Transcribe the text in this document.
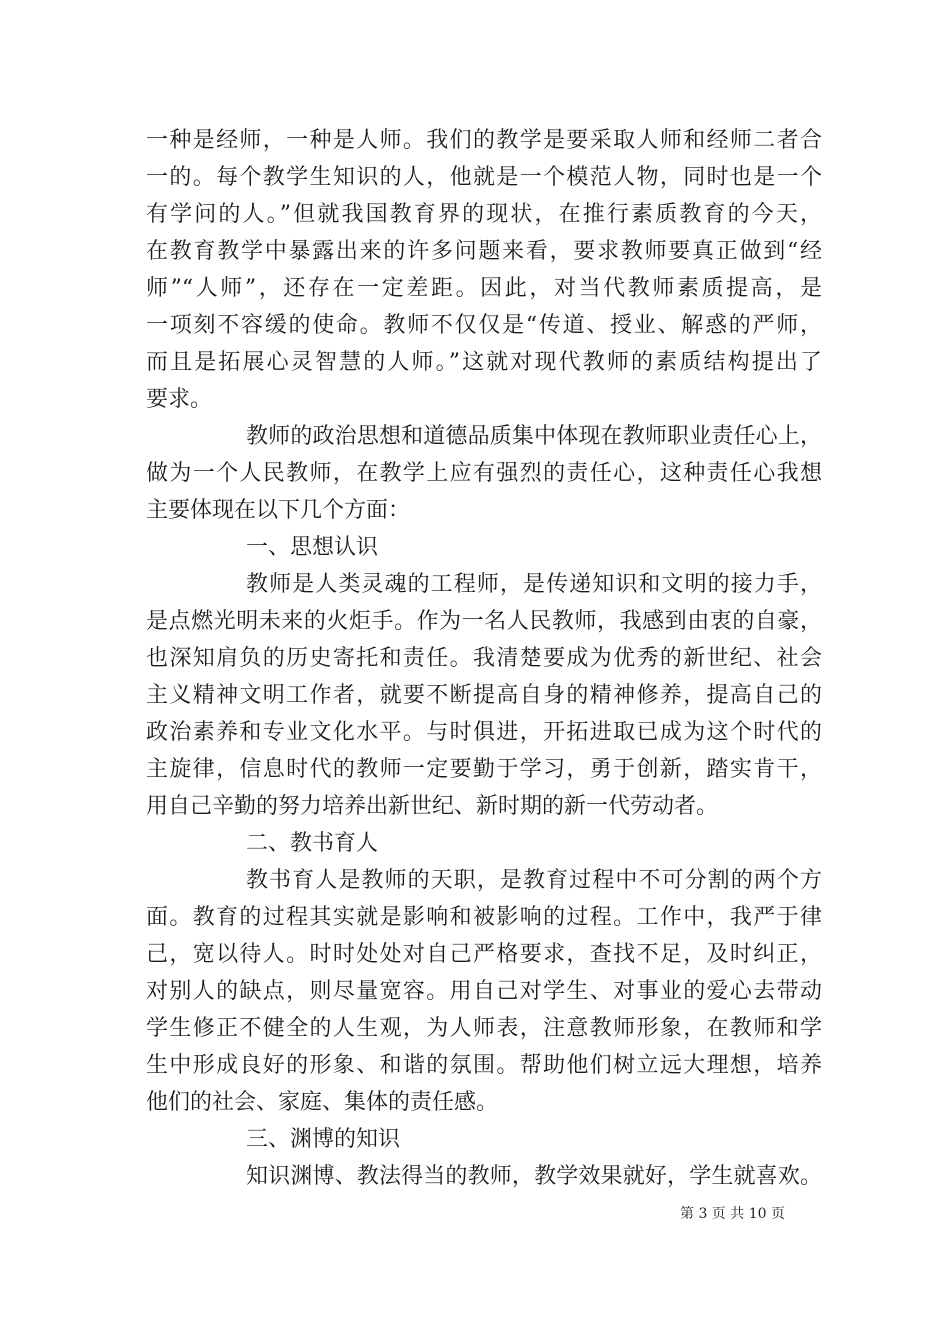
一种是经师，一种是人师。我们的教学是要采取人师和经师二者合
一的。每个教学生知识的人，他就是一个模范人物，同时也是一个
有学问的人。”但就我国教育界的现状，在推行素质教育的今天，
在教育教学中暴露出来的许多问题来看，要求教师要真正做到“经
师”“人师”，还存在一定差距。因此，对当代教师素质提高，是
一项刻不容缓的使命。教师不仅仅是“传道、授业、解惑的严师，
而且是拓展心灵智慧的人师。”这就对现代教师的素质结构提出了
要求。
教师的政治思想和道德品质集中体现在教师职业责任心上，
做为一个人民教师，在教学上应有强烈的责任心，这种责任心我想
主要体现在以下几个方面：
一、思想认识
教师是人类灵魂的工程师，是传递知识和文明的接力手，
是点燃光明未来的火炬手。作为一名人民教师，我感到由衷的自豪，
也深知肩负的历史寄托和责任。我清楚要成为优秀的新世纪、社会
主义精神文明工作者，就要不断提高自身的精神修养，提高自己的
政治素养和专业文化水平。与时俱进，开拓进取已成为这个时代的
主旋律，信息时代的教师一定要勤于学习，勇于创新，踏实肯干，
用自己辛勤的努力培养出新世纪、新时期的新一代劳动者。
二、教书育人
教书育人是教师的天职，是教育过程中不可分割的两个方
面。教育的过程其实就是影响和被影响的过程。工作中，我严于律
己，宽以待人。时时处处对自己严格要求，查找不足，及时纠正，
对别人的缺点，则尽量宽容。用自己对学生、对事业的爱心去带动
学生修正不健全的人生观，为人师表，注意教师形象，在教师和学
生中形成良好的形象、和谐的氛围。帮助他们树立远大理想，培养
他们的社会、家庭、集体的责任感。
三、渊博的知识
知识渊博、教法得当的教师，教学效果就好，学生就喜欢。
第 3 页 共 10 页
